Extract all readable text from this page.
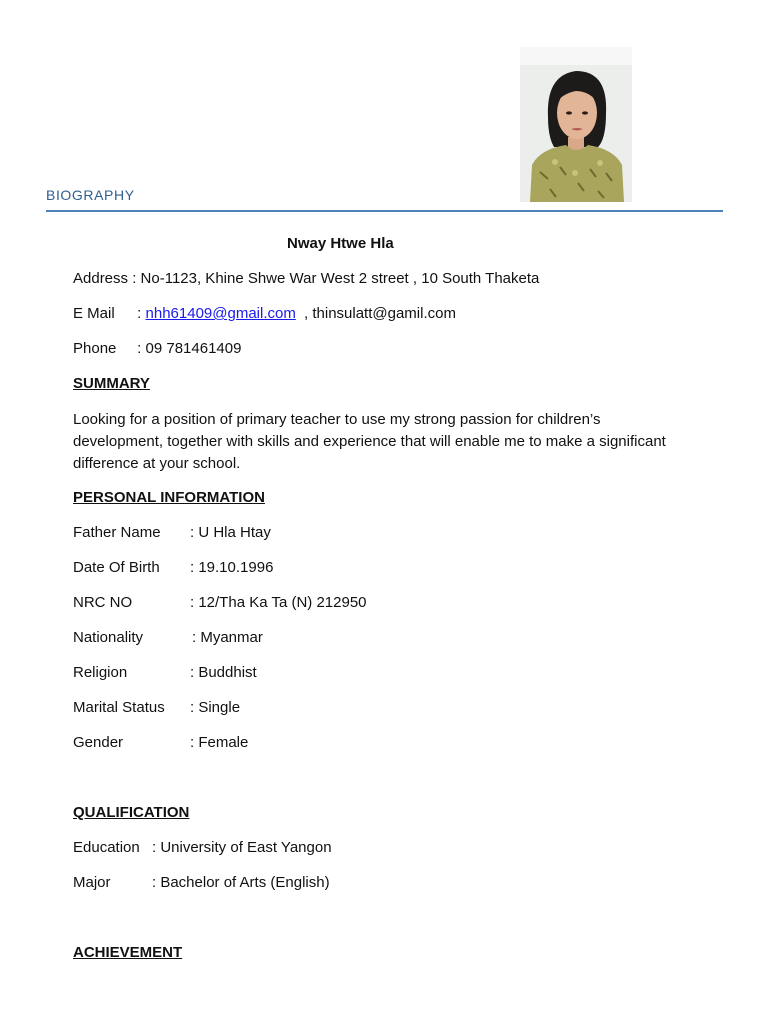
BIOGRAPHY
Nway Htwe Hla
Address : No-1123, Khine Shwe War West 2 street , 10 South Thaketa
E Mail : nhh61409@gmail.com , thinsulatt@gamil.com
Phone : 09 781461409
SUMMARY
Looking for a position of primary teacher to use my strong passion for children’s development, together with skills and experience that will enable me to make a significant difference at your school.
PERSONAL INFORMATION
Father Name : U Hla Htay
Date Of Birth : 19.10.1996
NRC NO	: 12/Tha Ka Ta (N) 212950
Nationality	: Myanmar
Religion	: Buddhist
Marital Status : Single
Gender	: Female
QUALIFICATION
Education : University of East Yangon
Major	: Bachelor of Arts (English)
ACHIEVEMENT
